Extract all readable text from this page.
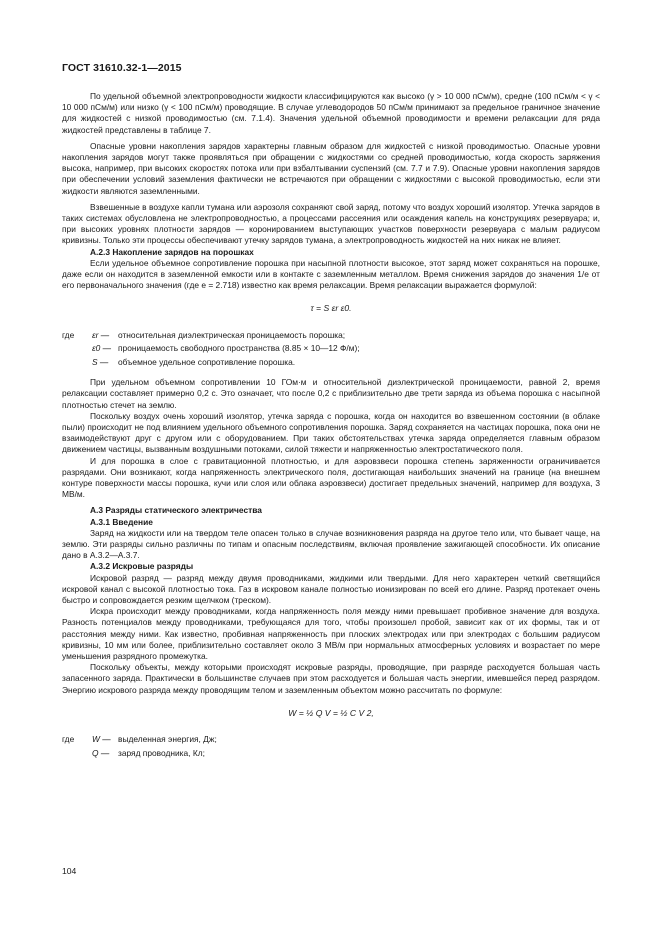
ГОСТ 31610.32-1—2015

По удельной объемной электропроводности жидкости классифицируются как высоко (γ > 10 000 пСм/м), средне (100 пСм/м < γ < 10 000 пСм/м) или низко (γ < 100 пСм/м) проводящие. В случае углеводородов 50 пСм/м принимают за предельное граничное значение для жидкостей с низкой проводимостью (см. 7.1.4). Значения удельной объемной проводимости и времени релаксации для ряда жидкостей представлены в таблице 7.

Опасные уровни накопления зарядов характерны главным образом для жидкостей с низкой проводимостью. Опасные уровни накопления зарядов могут также проявляться при обращении с жидкостями со средней проводимостью, когда скорость заряжения высока, например, при высоких скоростях потока или при взбалтывании суспензий (см. 7.7 и 7.9). Опасные уровни накопления зарядов при обеспечении условий заземления фактически не встречаются при обращении с жидкостями с высокой проводимостью, если эти жидкости являются заземленными.

Взвешенные в воздухе капли тумана или аэрозоля сохраняют свой заряд, потому что воздух хороший изолятор. Утечка зарядов в таких системах обусловлена не электропроводностью, а процессами рассеяния или осаждения капель на конструкциях резервуара; и, при высоких уровнях плотности зарядов — коронированием выступающих участков поверхности резервуара с малым радиусом кривизны. Только эти процессы обеспечивают утечку зарядов тумана, а электропроводность жидкостей на них никак не влияет.

А.2.3 Накопление зарядов на порошках

Если удельное объемное сопротивление порошка при насыпной плотности высокое, этот заряд может сохраняться на порошке, даже если он находится в заземленной емкости или в контакте с заземленным металлом. Время снижения зарядов до значения 1/e от его первоначального значения (где e = 2.718) известно как время релаксации. Время релаксации выражается формулой:

τ = S εr ε0.
где	εr —	относительная диэлектрическая проницаемость порошка;
ε0 — проницаемость свободного пространства (8.85 × 10—12 Ф/м);
S —	объемное удельное сопротивление порошка.

При удельном объемном сопротивлении 10 ГОм·м и относительной диэлектрической проницаемости, равной 2, время релаксации составляет примерно 0,2 с. Это означает, что после 0,2 с приблизительно две трети заряда из объема порошка с насыпной плотностью стечет на землю.

Поскольку воздух очень хороший изолятор, утечка заряда с порошка, когда он находится во взвешенном состоянии (в облаке пыли) происходит не под влиянием удельного объемного сопротивления порошка. Заряд сохраняется на частицах порошка, пока они не взаимодействуют друг с другом или с оборудованием. При таких обстоятельствах утечка заряда определяется главным образом движением частицы, вызванным воздушными потоками, силой тяжести и напряженностью электростатического поля.

И для порошка в слое с гравитационной плотностью, и для аэровзвеси порошка степень заряженности ограничивается разрядами. Они возникают, когда напряженность электрического поля, достигающая наибольших значений на границе (на внешнем контуре поверхности массы порошка, кучи или слоя или облака аэровзвеси) достигает предельных значений, например для воздуха, 3 МВ/м.

А.3 Разряды статического электричества
А.3.1 Введение

Заряд на жидкости или на твердом теле опасен только в случае возникновения разряда на другое тело или, что бывает чаще, на землю. Эти разряды сильно различны по типам и опасным последствиям, включая проявление зажигающей способности. Их описание дано в А.3.2—А.3.7.

А.3.2 Искровые разряды

Искровой разряд — разряд между двумя проводниками, жидкими или твердыми. Для него характерен четкий светящийся искровой канал с высокой плотностью тока. Газ в искровом канале полностью ионизирован по всей его длине. Разряд протекает очень быстро и сопровождается резким щелчком (треском).

Искра происходит между проводниками, когда напряженность поля между ними превышает пробивное значение для воздуха. Разность потенциалов между проводниками, требующаяся для того, чтобы произошел пробой, зависит как от их формы, так и от расстояния между ними. Как известно, пробивная напряженность при плоских электродах или при электродах с большим радиусом кривизны, 10 мм или более, приблизительно составляет около 3 МВ/м при нормальных атмосферных условиях и возрастает по мере уменьшения разрядного промежутка.

Поскольку объекты, между которыми происходят искровые разряды, проводящие, при разряде расходуется большая часть запасенного заряда. Практически в большинстве случаев при этом расходуется и большая часть энергии, имевшейся перед разрядом. Энергию искрового разряда между проводящим телом и заземленным объектом можно рассчитать по формуле:

W = ½ Q V = ½ C V 2,
где	W — выделенная энергия, Дж;
Q —	заряд проводника, Кл;
104
